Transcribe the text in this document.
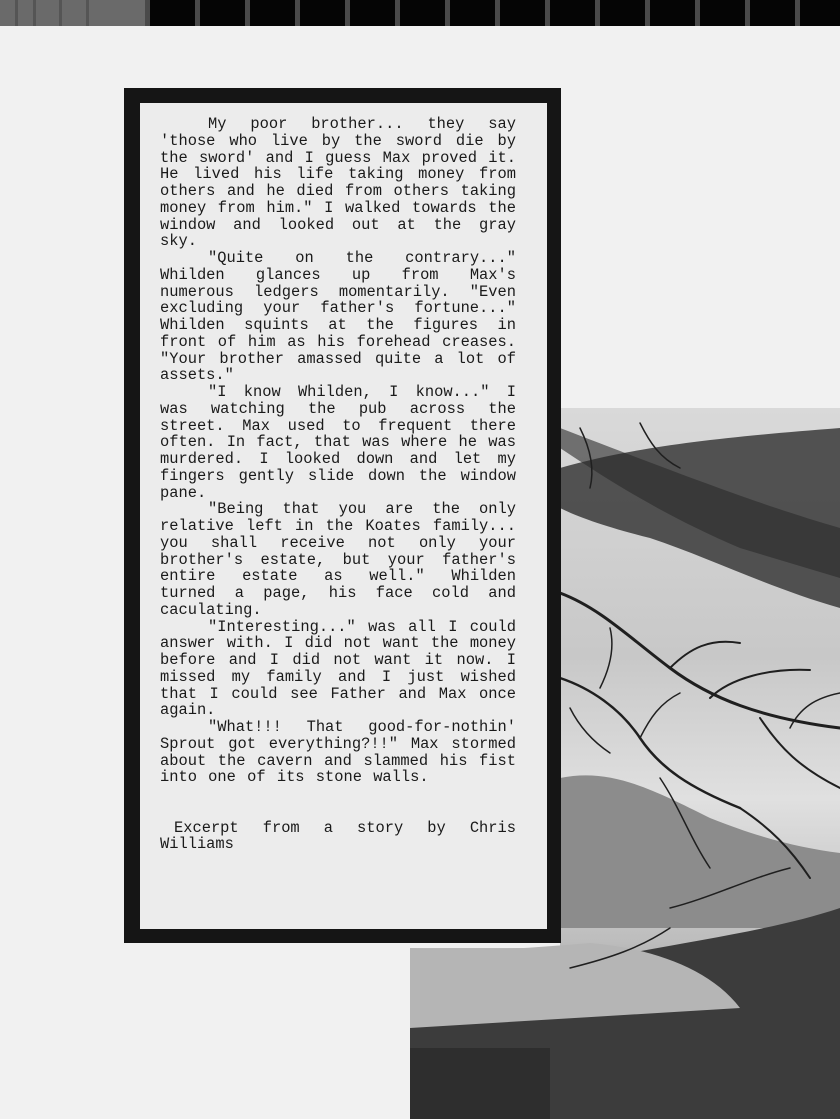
My poor brother... they say 'those who live by the sword die by the sword' and I guess Max proved it. He lived his life taking money from others and he died from others taking money from him." I walked towards the window and looked out at the gray sky.

"Quite on the contrary..." Whilden glances up from Max's numerous ledgers momentarily. "Even excluding your father's fortune..." Whilden squints at the figures in front of him as his forehead creases. "Your brother amassed quite a lot of assets."

"I know Whilden, I know..." I was watching the pub across the street. Max used to frequent there often. In fact, that was where he was murdered. I looked down and let my fingers gently slide down the window pane.

"Being that you are the only relative left in the Koates family... you shall receive not only your brother's estate, but your father's entire estate as well." Whilden turned a page, his face cold and caculating.

"Interesting..." was all I could answer with. I did not want the money before and I did not want it now. I missed my family and I just wished that I could see Father and Max once again.

"What!!! That good-for-nothin' Sprout got everything?!!" Max stormed about the cavern and slammed his fist into one of its stone walls.

Excerpt from a story by Chris Williams
